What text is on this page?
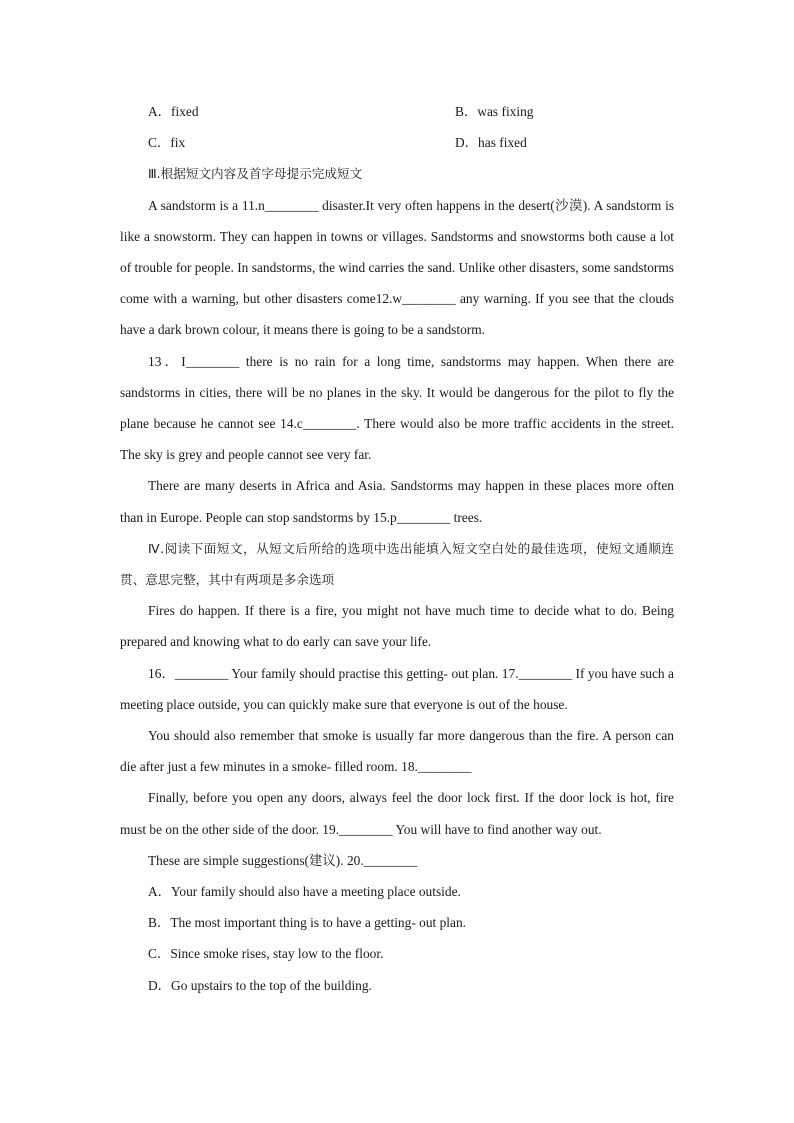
A．fixed	B．was fixing
C．fix	D．has fixed
Ⅲ.根据短文内容及首字母提示完成短文

A sandstorm is a 11.n________ disaster.It very often happens in the desert(沙漠). A sandstorm is like a snowstorm. They can happen in towns or villages. Sandstorms and snowstorms both cause a lot of trouble for people. In sandstorms, the wind carries the sand. Unlike other disasters, some sandstorms come with a warning, but other disasters come12.w________ any warning. If you see that the clouds have a dark brown colour, it means there is going to be a sandstorm.

13．I________ there is no rain for a long time, sandstorms may happen. When there are sandstorms in cities, there will be no planes in the sky. It would be dangerous for the pilot to fly the plane because he cannot see 14.c________. There would also be more traffic accidents in the street. The sky is grey and people cannot see very far.

There are many deserts in Africa and Asia. Sandstorms may happen in these places more often than in Europe. People can stop sandstorms by 15.p________ trees.

Ⅳ.阅读下面短文，从短文后所给的选项中选出能填入短文空白处的最佳选项，使短文通顺连贯、意思完整，其中有两项是多余选项

Fires do happen. If there is a fire, you might not have much time to decide what to do. Being prepared and knowing what to do early can save your life.

16．________ Your family should practise this getting- out plan. 17.________ If you have such a meeting place outside, you can quickly make sure that everyone is out of the house.

You should also remember that smoke is usually far more dangerous than the fire. A person can die after just a few minutes in a smoke- filled room. 18.________

Finally, before you open any doors, always feel the door lock first. If the door lock is hot, fire must be on the other side of the door. 19.________ You will have to find another way out.

These are simple suggestions(建议). 20.________
A．Your family should also have a meeting place outside.
B．The most important thing is to have a getting- out plan.
C．Since smoke rises, stay low to the floor.
D．Go upstairs to the top of the building.
